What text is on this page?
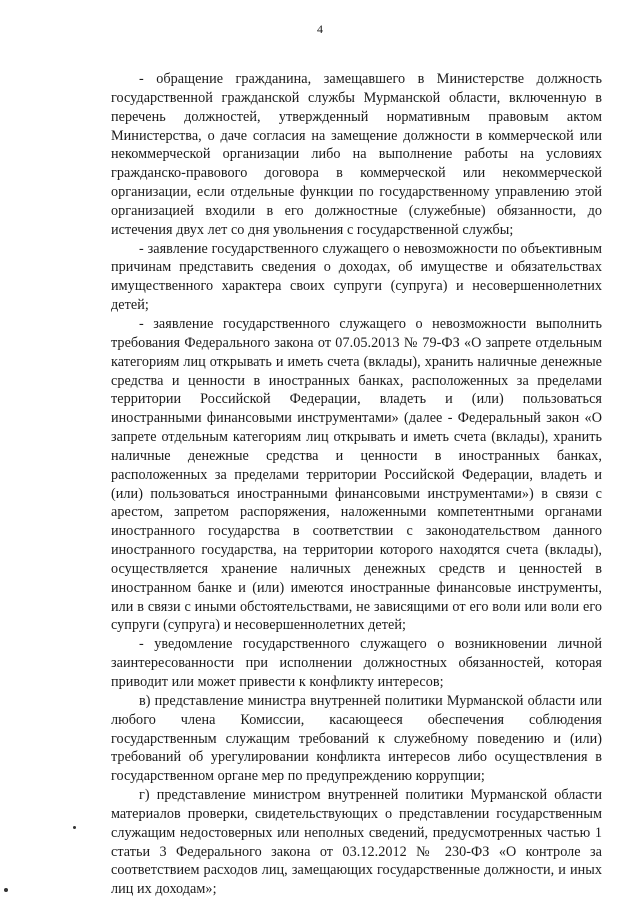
4

- обращение гражданина, замещавшего в Министерстве должность государственной гражданской службы Мурманской области, включенную в перечень должностей, утвержденный нормативным правовым актом Министерства, о даче согласия на замещение должности в коммерческой или некоммерческой организации либо на выполнение работы на условиях гражданско-правового договора в коммерческой или некоммерческой организации, если отдельные функции по государственному управлению этой организацией входили в его должностные (служебные) обязанности, до истечения двух лет со дня увольнения с государственной службы;

- заявление государственного служащего о невозможности по объективным причинам представить сведения о доходах, об имуществе и обязательствах имущественного характера своих супруги (супруга) и несовершеннолетних детей;

- заявление государственного служащего о невозможности выполнить требования Федерального закона от 07.05.2013 № 79-ФЗ «О запрете отдельным категориям лиц открывать и иметь счета (вклады), хранить наличные денежные средства и ценности в иностранных банках, расположенных за пределами территории Российской Федерации, владеть и (или) пользоваться иностранными финансовыми инструментами» (далее - Федеральный закон «О запрете отдельным категориям лиц открывать и иметь счета (вклады), хранить наличные денежные средства и ценности в иностранных банках, расположенных за пределами территории Российской Федерации, владеть и (или) пользоваться иностранными финансовыми инструментами») в связи с арестом, запретом распоряжения, наложенными компетентными органами иностранного государства в соответствии с законодательством данного иностранного государства, на территории которого находятся счета (вклады), осуществляется хранение наличных денежных средств и ценностей в иностранном банке и (или) имеются иностранные финансовые инструменты, или в связи с иными обстоятельствами, не зависящими от его воли или воли его супруги (супруга) и несовершеннолетних детей;

- уведомление государственного служащего о возникновении личной заинтересованности при исполнении должностных обязанностей, которая приводит или может привести к конфликту интересов;

в) представление министра внутренней политики Мурманской области или любого члена Комиссии, касающееся обеспечения соблюдения государственным служащим требований к служебному поведению и (или) требований об урегулировании конфликта интересов либо осуществления в государственном органе мер по предупреждению коррупции;

г) представление министром внутренней политики Мурманской области материалов проверки, свидетельствующих о представлении государственным служащим недостоверных или неполных сведений, предусмотренных частью 1 статьи 3 Федерального закона от 03.12.2012 № 230-ФЗ «О контроле за соответствием расходов лиц, замещающих государственные должности, и иных лиц их доходам»;
